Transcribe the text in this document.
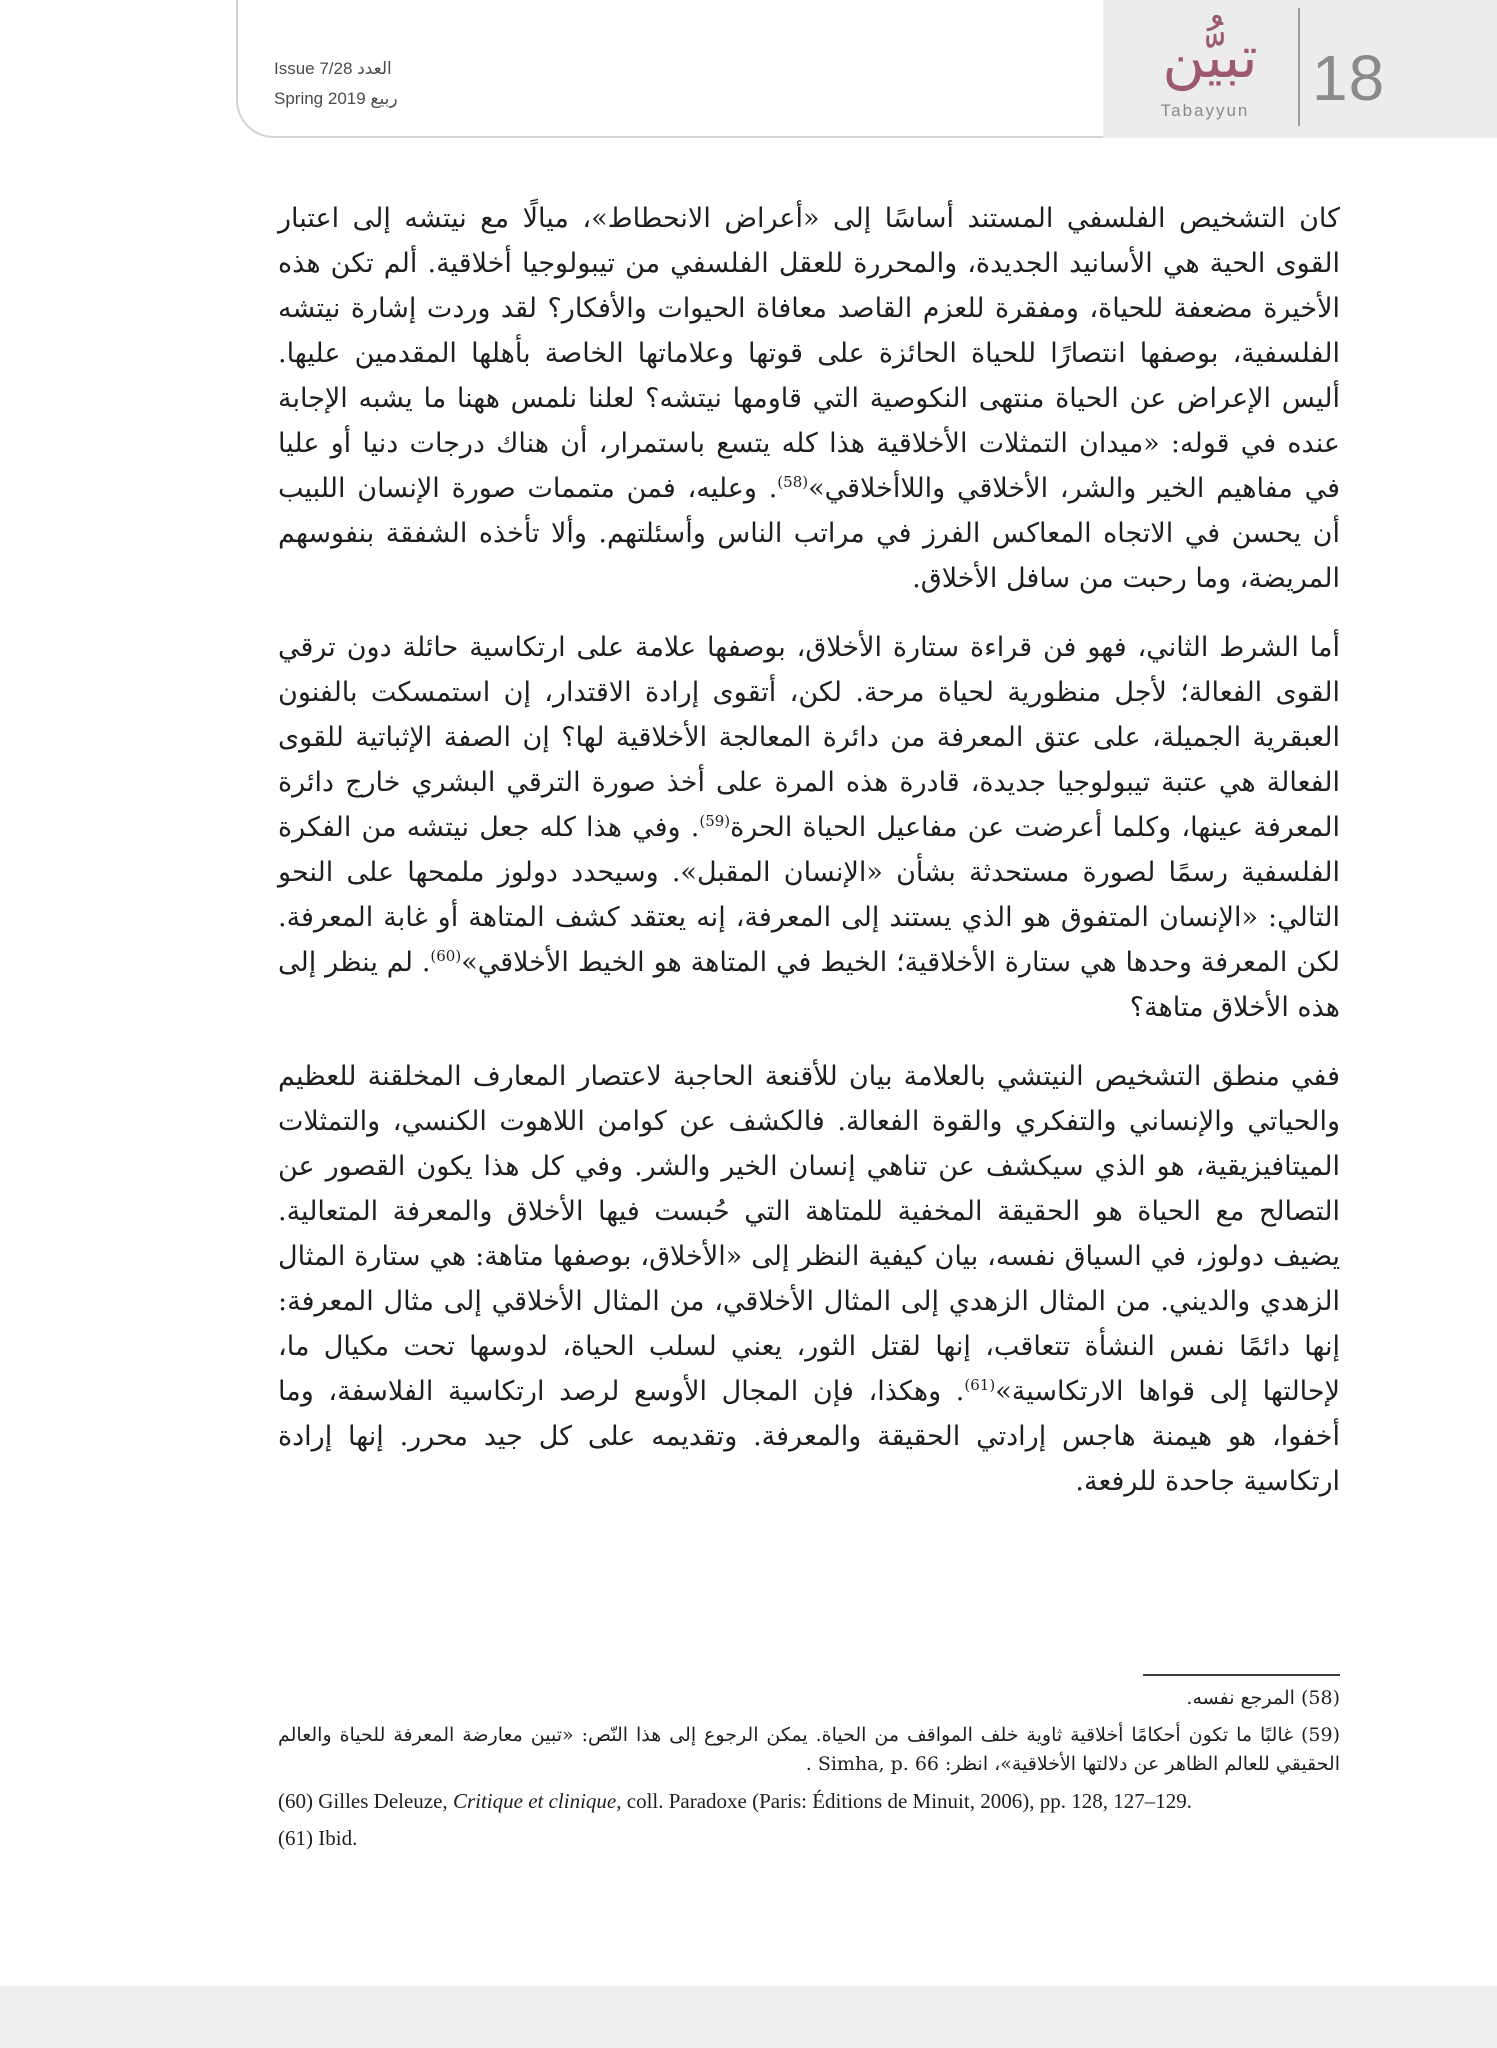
Issue 7/28 العدد
Spring 2019 ربيع
تبيُّن
Tabayyun 18

كان التشخيص الفلسفي المستند أساسًا إلى «أعراض الانحطاط»، ميالًا مع نيتشه إلى اعتبار القوى الحية هي الأسانيد الجديدة، والمحررة للعقل الفلسفي من تيبولوجيا أخلاقية. ألم تكن هذه الأخيرة مضعفة للحياة، ومفقرة للعزم القاصد معافاة الحيوات والأفكار؟ لقد وردت إشارة نيتشه الفلسفية، بوصفها انتصارًا للحياة الحائزة على قوتها وعلاماتها الخاصة بأهلها المقدمين عليها. أليس الإعراض عن الحياة منتهى النكوصية التي قاومها نيتشه؟ لعلنا نلمس ههنا ما يشبه الإجابة عنده في قوله: «ميدان التمثلات الأخلاقية هذا كله يتسع باستمرار، أن هناك درجات دنيا أو عليا في مفاهيم الخير والشر، الأخلاقي واللاأخلاقي»$^{(58)}$. وعليه، فمن متممات صورة الإنسان اللبيب أن يحسن في الاتجاه المعاكس الفرز في مراتب الناس وأسئلتهم. وألا تأخذه الشفقة بنفوسهم المريضة، وما رحبت من سافل الأخلاق.

أما الشرط الثاني، فهو فن قراءة ستارة الأخلاق، بوصفها علامة على ارتكاسية حائلة دون ترقي القوى الفعالة؛ لأجل منظورية لحياة مرحة. لكن، أتقوى إرادة الاقتدار، إن استمسكت بالفنون العبقرية الجميلة، على عتق المعرفة من دائرة المعالجة الأخلاقية لها؟ إن الصفة الإثباتية للقوى الفعالة هي عتبة تيبولوجيا جديدة، قادرة هذه المرة على أخذ صورة الترقي البشري خارج دائرة المعرفة عينها، وكلما أعرضت عن مفاعيل الحياة الحرة$^{(59)}$. وفي هذا كله جعل نيتشه من الفكرة الفلسفية رسمًا لصورة مستحدثة بشأن «الإنسان المقبل». وسيحدد دولوز ملمحها على النحو التالي: «الإنسان المتفوق هو الذي يستند إلى المعرفة، إنه يعتقد كشف المتاهة أو غابة المعرفة. لكن المعرفة وحدها هي ستارة الأخلاقية؛ الخيط في المتاهة هو الخيط الأخلاقي»$^{(60)}$. لم ينظر إلى هذه الأخلاق متاهة؟

ففي منطق التشخيص النيتشي بالعلامة بيان للأقنعة الحاجبة لاعتصار المعارف المخلقنة للعظيم والحياتي والإنساني والتفكري والقوة الفعالة. فالكشف عن كوامن اللاهوت الكنسي، والتمثلات الميتافيزيقية، هو الذي سيكشف عن تناهي إنسان الخير والشر. وفي كل هذا يكون القصور عن التصالح مع الحياة هو الحقيقة المخفية للمتاهة التي حُبست فيها الأخلاق والمعرفة المتعالية. يضيف دولوز، في السياق نفسه، بيان كيفية النظر إلى «الأخلاق، بوصفها متاهة: هي ستارة المثال الزهدي والديني. من المثال الزهدي إلى المثال الأخلاقي، من المثال الأخلاقي إلى مثال المعرفة: إنها دائمًا نفس النشأة تتعاقب، إنها لقتل الثور، يعني لسلب الحياة، لدوسها تحت مكيال ما، لإحالتها إلى قواها الارتكاسية»$^{(61)}$. وهكذا، فإن المجال الأوسع لرصد ارتكاسية الفلاسفة، وما أخفوا، هو هيمنة هاجس إرادتي الحقيقة والمعرفة. وتقديمه على كل جيد محرر. إنها إرادة ارتكاسية جاحدة للرفعة.

(58) المرجع نفسه.
(59) غالبًا ما تكون أحكامًا أخلاقية ثاوية خلف المواقف من الحياة. يمكن الرجوع إلى هذا النّص: «تبين معارضة المعرفة للحياة والعالم الحقيقي للعالم الظاهر عن دلالتها الأخلاقية»، انظر: Simha, p. 66 .
(60) Gilles Deleuze, Critique et clinique, coll. Paradoxe (Paris: Éditions de Minuit, 2006), pp. 128, 127–129.
(61) Ibid.
